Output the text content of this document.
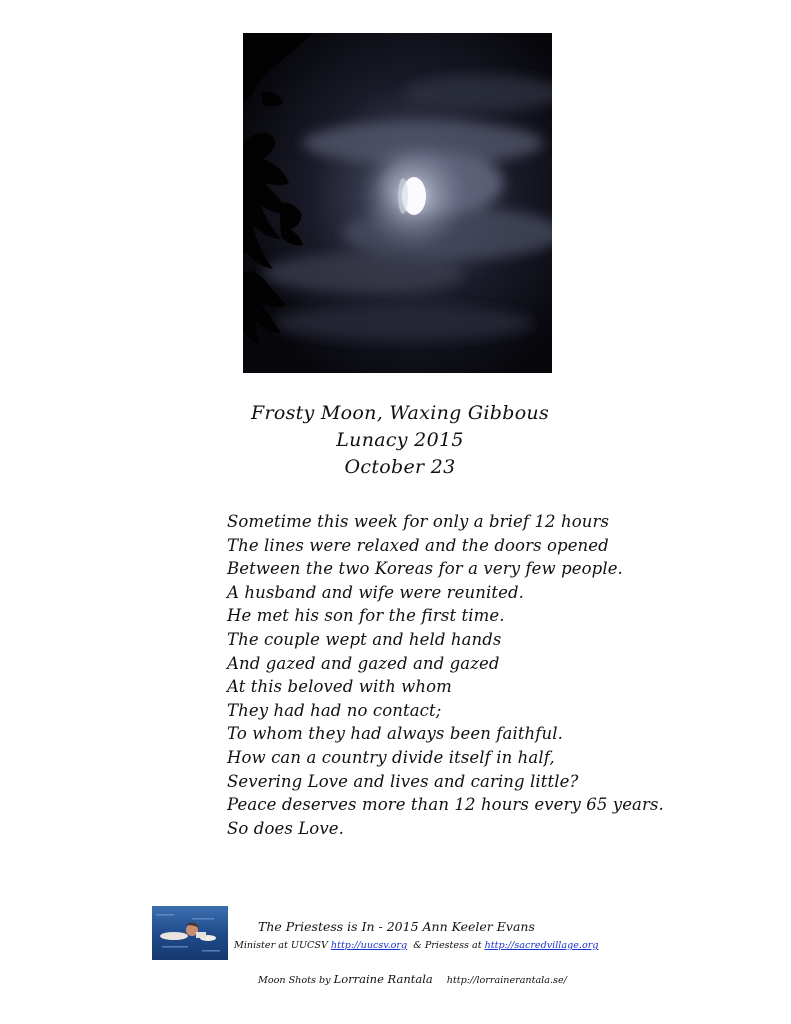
Frosty Moon, Waxing Gibbous
Lunacy 2015
October 23
Sometime this week for only a brief 12 hours
The lines were relaxed and the doors opened
Between the two Koreas for a very few people.
A husband and wife were reunited.
He met his son for the first time.
The couple wept and held hands
And gazed and gazed and gazed
At this beloved with whom
They had had no contact;
To whom they had always been faithful.
How can a country divide itself in half,
Severing Love and lives and caring little?
Peace deserves more than 12 hours every 65 years.
So does Love.
The Priestess is In - 2015 Ann Keeler Evans
Minister at UUCSV http://uucsv.org  & Priestess at http://sacredvillage.org
Moon Shots by Lorraine Rantala http://lorrainerantala.se/
